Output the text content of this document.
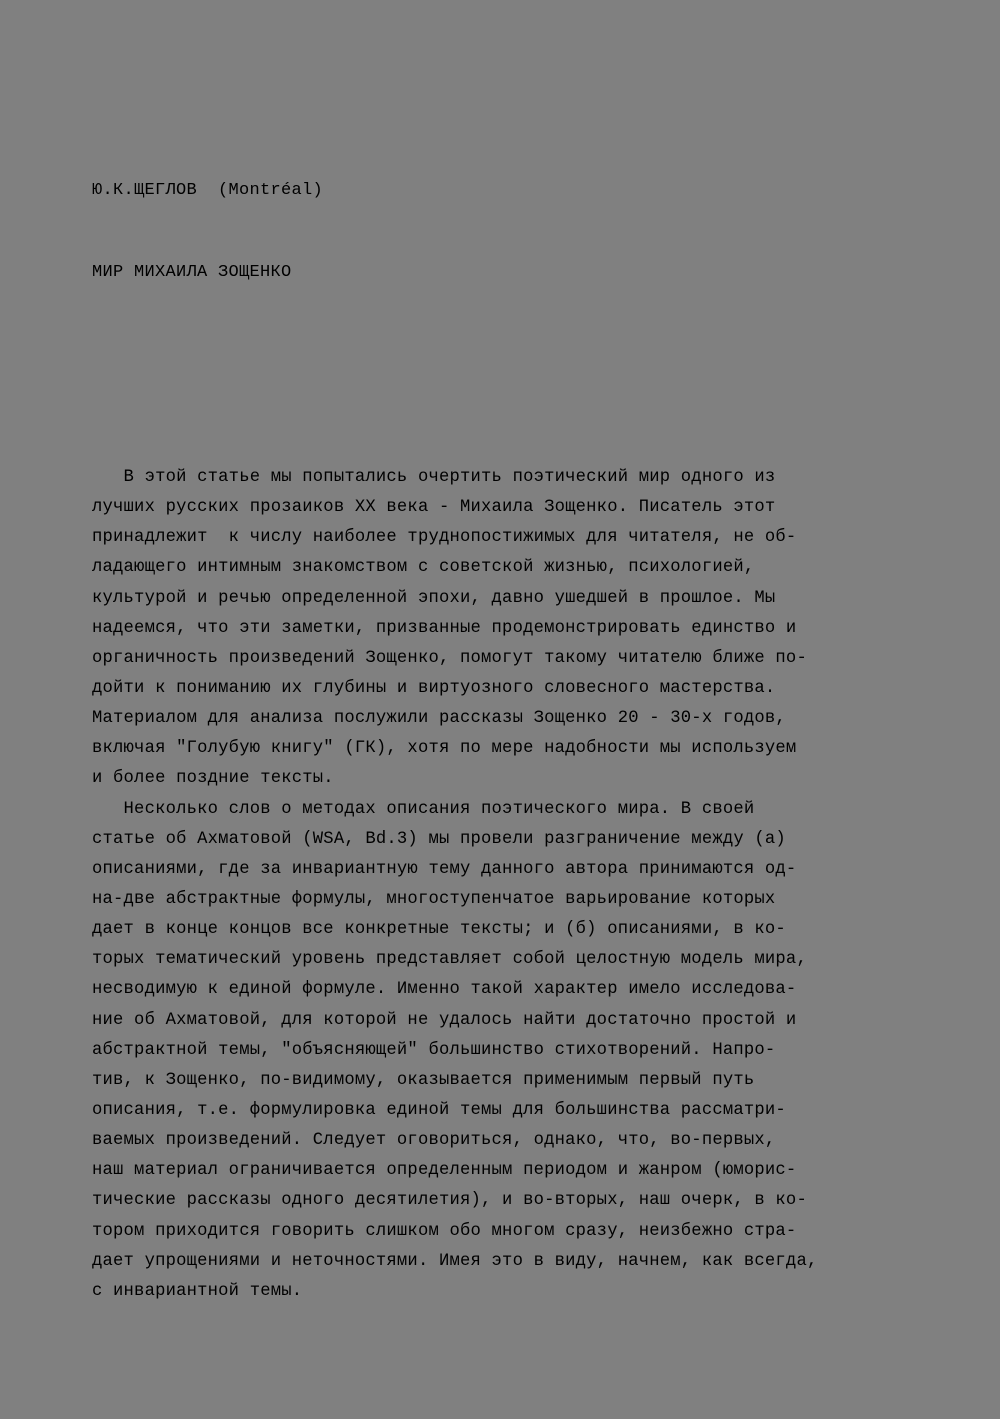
Ю.К.ЩЕГЛОВ (Montréal)
МИР МИХАИЛА ЗОЩЕНКО
В этой статье мы попытались очертить поэтический мир одного из
лучших русских прозаиков XX века - Михаила Зощенко. Писатель этот
принадлежит  к числу наиболее труднопостижимых для читателя, не об-
ладающего интимным знакомством с советской жизнью, психологией,
культурой и речью определенной эпохи, давно ушедшей в прошлое. Мы
надеемся, что эти заметки, призванные продемонстрировать единство и
органичность произведений Зощенко, помогут такому читателю ближе по-
дойти к пониманию их глубины и виртуозного словесного мастерства.
Материалом для анализа послужили рассказы Зощенко 20 - 30-х годов,
включая "Голубую книгу" (ГК), хотя по мере надобности мы используем
и более поздние тексты.
Несколько слов о методах описания поэтического мира. В своей
статье об Ахматовой (WSA, Bd.3) мы провели разграничение между (а)
описаниями, где за инвариантную тему данного автора принимаются од-
на-две абстрактные формулы, многоступенчатое варьирование которых
дает в конце концов все конкретные тексты; и (б) описаниями, в ко-
торых тематический уровень представляет собой целостную модель мира,
несводимую к единой формуле. Именно такой характер имело исследова-
ние об Ахматовой, для которой не удалось найти достаточно простой и
абстрактной темы, "объясняющей" большинство стихотворений. Напро-
тив, к Зощенко, по-видимому, оказывается применимым первый путь
описания, т.е. формулировка единой темы для большинства рассматри-
ваемых произведений. Следует оговориться, однако, что, во-первых,
наш материал ограничивается определенным периодом и жанром (юморис-
тические рассказы одного десятилетия), и во-вторых, наш очерк, в ко-
тором приходится говорить слишком обо многом сразу, неизбежно стра-
дает упрощениями и неточностями. Имея это в виду, начнем, как всегда,
с инвариантной темы.
